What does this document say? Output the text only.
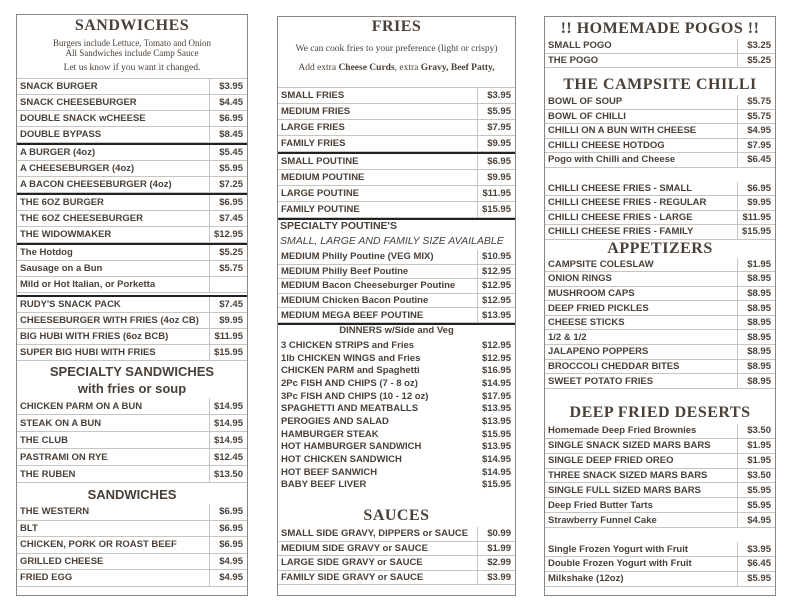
SANDWICHES
Burgers include Lettuce, Tomato and Onion
All Sandwiches include Camp Sauce
Let us know if you want it changed.
SNACK BURGER	$3.95
SNACK CHEESEBURGER	$4.45
DOUBLE SNACK wCHEESE	$6.95
DOUBLE BYPASS	$8.45
A BURGER (4oz)	$5.45
A CHEESEBURGER (4oz)	$5.95
A BACON CHEESEBURGER (4oz)	$7.25
THE 6OZ BURGER	$6.95
THE 6OZ CHEESEBURGER	$7.45
THE WIDOWMAKER	$12.95
The Hotdog	$5.25
Sausage on a Bun	$5.75
Mild or Hot Italian, or Porketta
RUDY'S SNACK PACK	$7.45
CHEESEBURGER WITH FRIES (4oz CB)	$9.95
BIG HUBI WITH FRIES (6oz BCB)	$11.95
SUPER BIG HUBI WITH FRIES	$15.95
SPECIALTY SANDWICHES
with fries or soup
CHICKEN PARM ON A BUN	$14.95
STEAK ON A BUN	$14.95
THE CLUB	$14.95
PASTRAMI ON RYE	$12.45
THE RUBEN	$13.50
SANDWICHES
THE WESTERN	$6.95
BLT	$6.95
CHICKEN, PORK OR ROAST BEEF	$6.95
GRILLED CHEESE	$4.95
FRIED EGG	$4.95
FRIES
We can cook fries to your preference (light or crispy)
Add extra Cheese Curds, extra Gravy, Beef Patty,
SMALL FRIES	$3.95
MEDIUM FRIES	$5.95
LARGE FRIES	$7.95
FAMILY FRIES	$9.95
SMALL POUTINE	$6.95
MEDIUM POUTINE	$9.95
LARGE POUTINE	$11.95
FAMILY POUTINE	$15.95
SPECIALTY POUTINE'S
SMALL, LARGE AND FAMILY SIZE AVAILABLE
MEDIUM Philly Poutine (VEG MIX)	$10.95
MEDIUM Philly Beef Poutine	$12.95
MEDIUM Bacon Cheeseburger Poutine	$12.95
MEDIUM Chicken Bacon Poutine	$12.95
MEDIUM MEGA BEEF POUTINE	$13.95
DINNERS w/Side and Veg
3 CHICKEN STRIPS and Fries	$12.95
1lb CHICKEN WINGS and Fries	$12.95
CHICKEN PARM and Spaghetti	$16.95
2Pc FISH AND CHIPS (7 - 8 oz)	$14.95
3Pc FISH AND CHIPS (10 - 12 oz)	$17.95
SPAGHETTI AND MEATBALLS	$13.95
PEROGIES AND SALAD	$13.95
HAMBURGER STEAK	$15.95
HOT HAMBURGER SANDWICH	$13.95
HOT CHICKEN SANDWICH	$14.95
HOT BEEF SANWICH	$14.95
BABY BEEF LIVER	$15.95
SAUCES
SMALL SIDE GRAVY, DIPPERS or SAUCE	$0.99
MEDIUM SIDE GRAVY or SAUCE	$1.99
LARGE SIDE GRAVY or SAUCE	$2.99
FAMILY SIDE GRAVY or SAUCE	$3.99
!! HOMEMADE POGOS !!
SMALL POGO	$3.25
THE POGO	$5.25
THE CAMPSITE CHILLI
BOWL OF SOUP	$5.75
BOWL OF CHILLI	$5.75
CHILLI ON A BUN WITH CHEESE	$4.95
CHILLI CHEESE HOTDOG	$7.95
Pogo with Chilli and Cheese	$6.45
CHILLI CHEESE FRIES - SMALL	$6.95
CHILLI CHEESE FRIES - REGULAR	$9.95
CHILLI CHEESE FRIES - LARGE	$11.95
CHILLI CHEESE FRIES - FAMILY	$15.95
APPETIZERS
CAMPSITE COLESLAW	$1.95
ONION RINGS	$8.95
MUSHROOM CAPS	$8.95
DEEP FRIED PICKLES	$8.95
CHEESE STICKS	$8.95
1/2 & 1/2	$8.95
JALAPENO POPPERS	$8.95
BROCCOLI CHEDDAR BITES	$8.95
SWEET POTATO FRIES	$8.95
DEEP FRIED DESERTS
Homemade Deep Fried Brownies	$3.50
SINGLE SNACK SIZED MARS BARS	$1.95
SINGLE DEEP FRIED OREO	$1.95
THREE SNACK SIZED MARS BARS	$3.50
SINGLE FULL SIZED MARS BARS	$5.95
Deep Fried Butter Tarts	$5.95
Strawberry Funnel Cake	$4.95
Single Frozen Yogurt with Fruit	$3.95
Double Frozen Yogurt with Fruit	$6.45
Milkshake (12oz)	$5.95
